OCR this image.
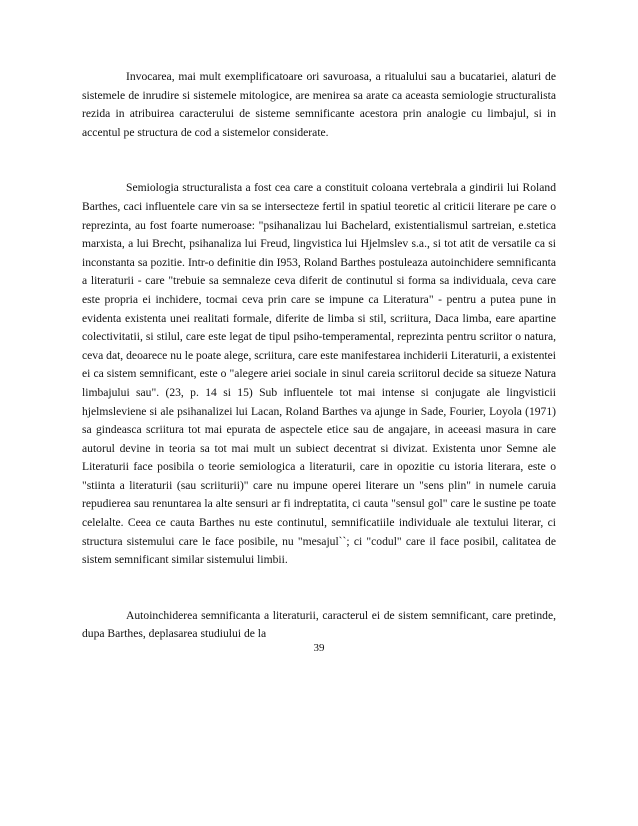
Invocarea, mai mult exemplificatoare ori savuroasa, a ritualului sau a bucatariei, alaturi de sistemele de inrudire si sistemele mitologice, are menirea sa arate ca aceasta semiologie structuralista rezida in atribuirea caracterului de sisteme semnificante acestora prin analogie cu limbajul, si in accentul pe structura de cod a sistemelor considerate.

Semiologia structuralista a fost cea care a constituit coloana vertebrala a gindirii lui Roland Barthes, caci influentele care vin sa se intersecteze fertil in spatiul teoretic al criticii literare pe care o reprezinta, au fost foarte numeroase: "psihanalizau lui Bachelard, existentialismul sartreian, e.stetica marxista, a lui Brecht, psihanaliza lui Freud, lingvistica lui Hjelmslev s.a., si tot atit de versatile ca si inconstanta sa pozitie. Intr-o definitie din I953, Roland Barthes postuleaza autoinchidere semnificanta a literaturii - care "trebuie sa semnaleze ceva diferit de continutul si forma sa individuala, ceva care este propria ei inchidere, tocmai ceva prin care se impune ca Literatura" - pentru a putea pune in evidenta existenta unei realitati formale, diferite de limba si stil, scriitura, Daca limba, eare apartine colectivitatii, si stilul, care este legat de tipul psiho-temperamental, reprezinta pentru scriitor o natura, ceva dat, deoarece nu le poate alege, scriitura, care este manifestarea inchiderii Literaturii, a existentei ei ca sistem semnificant, este o "alegere ariei sociale in sinul careia scriitorul decide sa situeze Natura limbajului sau". (23, p. 14 si 15) Sub influentele tot mai intense si conjugate ale lingvisticii hjelmsleviene si ale psihanalizei lui Lacan, Roland Barthes va ajunge in Sade, Fourier, Loyola (1971) sa gindeasca scriitura tot mai epurata de aspectele etice sau de angajare, in aceeasi masura in care autorul devine in teoria sa tot mai mult un subiect decentrat si divizat. Existenta unor Semne ale Literaturii face posibila o teorie semiologica a literaturii, care in opozitie cu istoria literara, este o "stiinta a literaturii (sau scriiturii)" care nu impune operei literare un "sens plin" in numele caruia repudierea sau renuntarea la alte sensuri ar fi indreptatita, ci cauta "sensul gol" care le sustine pe toate celelalte. Ceea ce cauta Barthes nu este continutul, semnificatiile individuale ale textului literar, ci structura sistemului care le face posibile, nu "mesajul``; ci "codul" care il face posibil, calitatea de sistem semnificant similar sistemului limbii.

Autoinchiderea semnificanta a literaturii, caracterul ei de sistem semnificant, care pretinde, dupa Barthes, deplasarea studiului de la

39
